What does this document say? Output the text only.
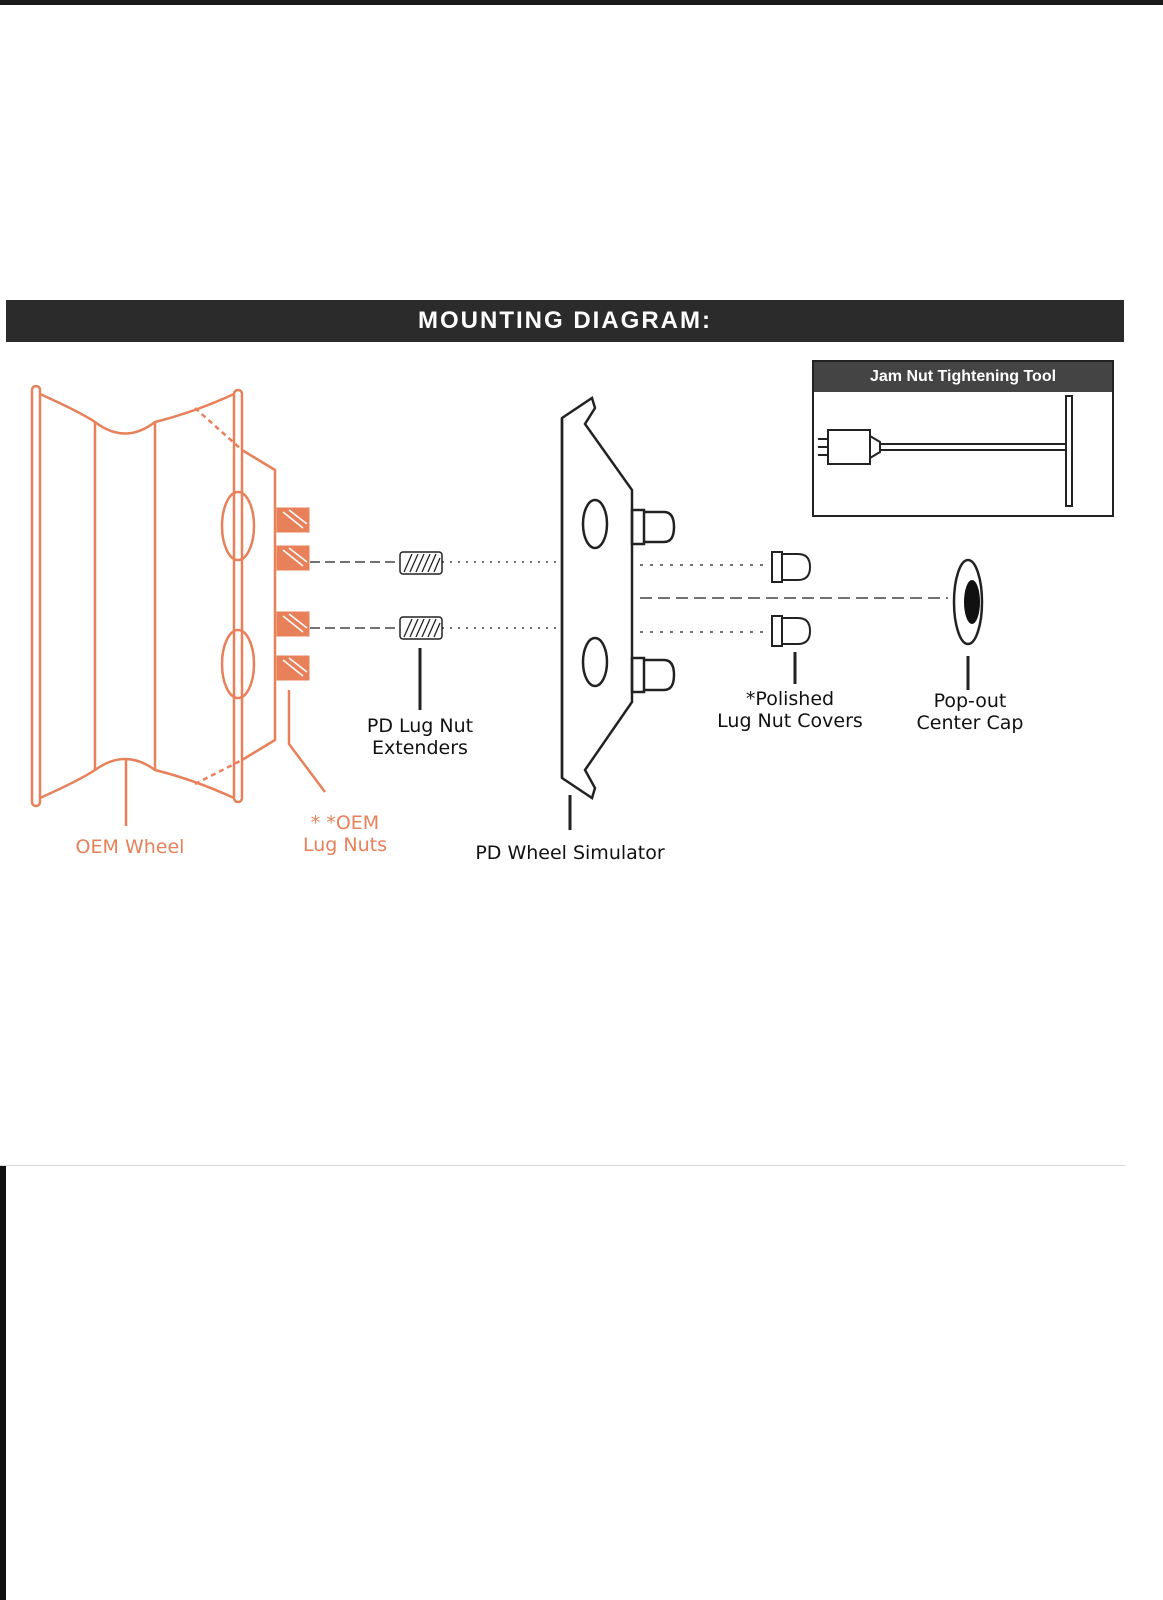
MOUNTING DIAGRAM:
Jam Nut Tightening Tool
PD Lug Nut
Extenders
*Polished
Lug Nut Covers
Pop-out
Center Cap
PD Wheel Simulator
OEM Wheel
* *OEM
Lug Nuts
